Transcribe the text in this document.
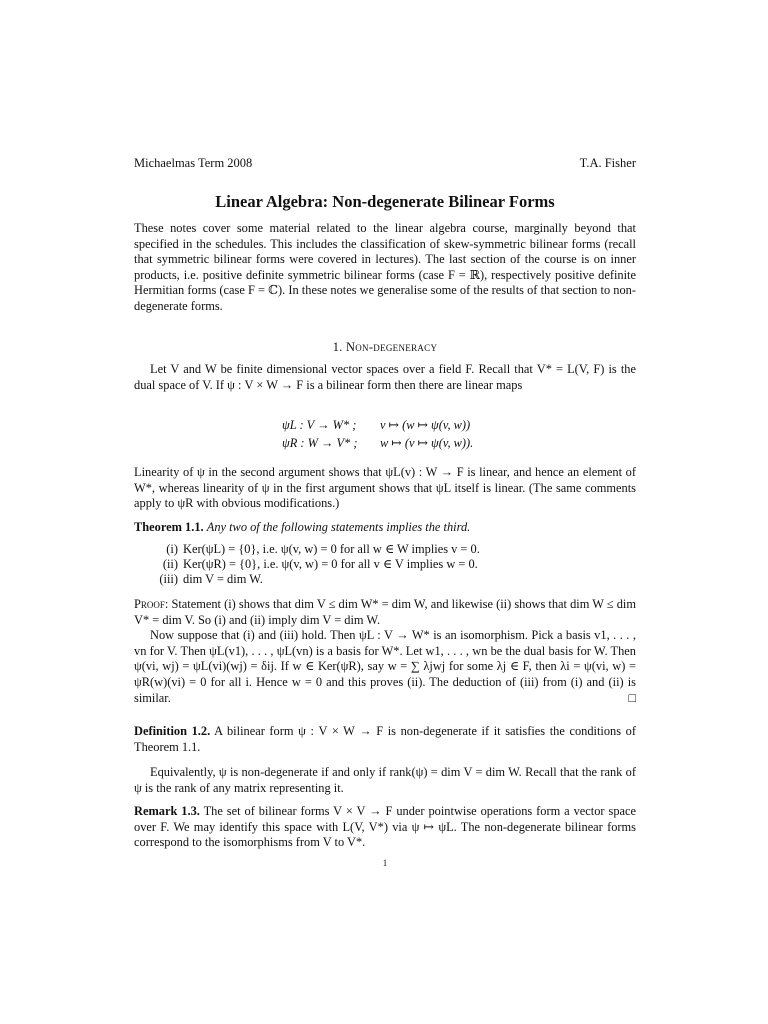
Michaelmas Term 2008	T.A. Fisher
Linear Algebra: Non-degenerate Bilinear Forms
These notes cover some material related to the linear algebra course, marginally beyond that specified in the schedules. This includes the classification of skew-symmetric bilinear forms (recall that symmetric bilinear forms were covered in lectures). The last section of the course is on inner products, i.e. positive definite symmetric bilinear forms (case F = ℝ), respectively positive definite Hermitian forms (case F = ℂ). In these notes we generalise some of the results of that section to non-degenerate forms.
1. Non-degeneracy
Let V and W be finite dimensional vector spaces over a field F. Recall that V* = L(V, F) is the dual space of V. If ψ : V × W → F is a bilinear form then there are linear maps
ψL : V → W* ;	v ↦ (w ↦ ψ(v, w))
ψR : W → V* ;	w ↦ (v ↦ ψ(v, w)).
Linearity of ψ in the second argument shows that ψL(v) : W → F is linear, and hence an element of W*, whereas linearity of ψ in the first argument shows that ψL itself is linear. (The same comments apply to ψR with obvious modifications.)
Theorem 1.1. Any two of the following statements implies the third.
(i) Ker(ψL) = {0}, i.e. ψ(v, w) = 0 for all w ∈ W implies v = 0.
(ii) Ker(ψR) = {0}, i.e. ψ(v, w) = 0 for all v ∈ V implies w = 0.
(iii) dim V = dim W.
Proof: Statement (i) shows that dim V ≤ dim W* = dim W, and likewise (ii) shows that dim W ≤ dim V* = dim V. So (i) and (ii) imply dim V = dim W.
Now suppose that (i) and (iii) hold. Then ψL : V → W* is an isomorphism. Pick a basis v1, . . . , vn for V. Then ψL(v1), . . . , ψL(vn) is a basis for W*. Let w1, . . . , wn be the dual basis for W. Then ψ(vi, wj) = ψL(vi)(wj) = δij. If w ∈ Ker(ψR), say w = ∑ λjwj for some λj ∈ F, then λi = ψ(vi, w) = ψR(w)(vi) = 0 for all i. Hence w = 0 and this proves (ii). The deduction of (iii) from (i) and (ii) is similar.	□
Definition 1.2. A bilinear form ψ : V × W → F is non-degenerate if it satisfies the conditions of Theorem 1.1.
Equivalently, ψ is non-degenerate if and only if rank(ψ) = dim V = dim W. Recall that the rank of ψ is the rank of any matrix representing it.
Remark 1.3. The set of bilinear forms V × V → F under pointwise operations form a vector space over F. We may identify this space with L(V, V*) via ψ ↦ ψL. The non-degenerate bilinear forms correspond to the isomorphisms from V to V*.
1
